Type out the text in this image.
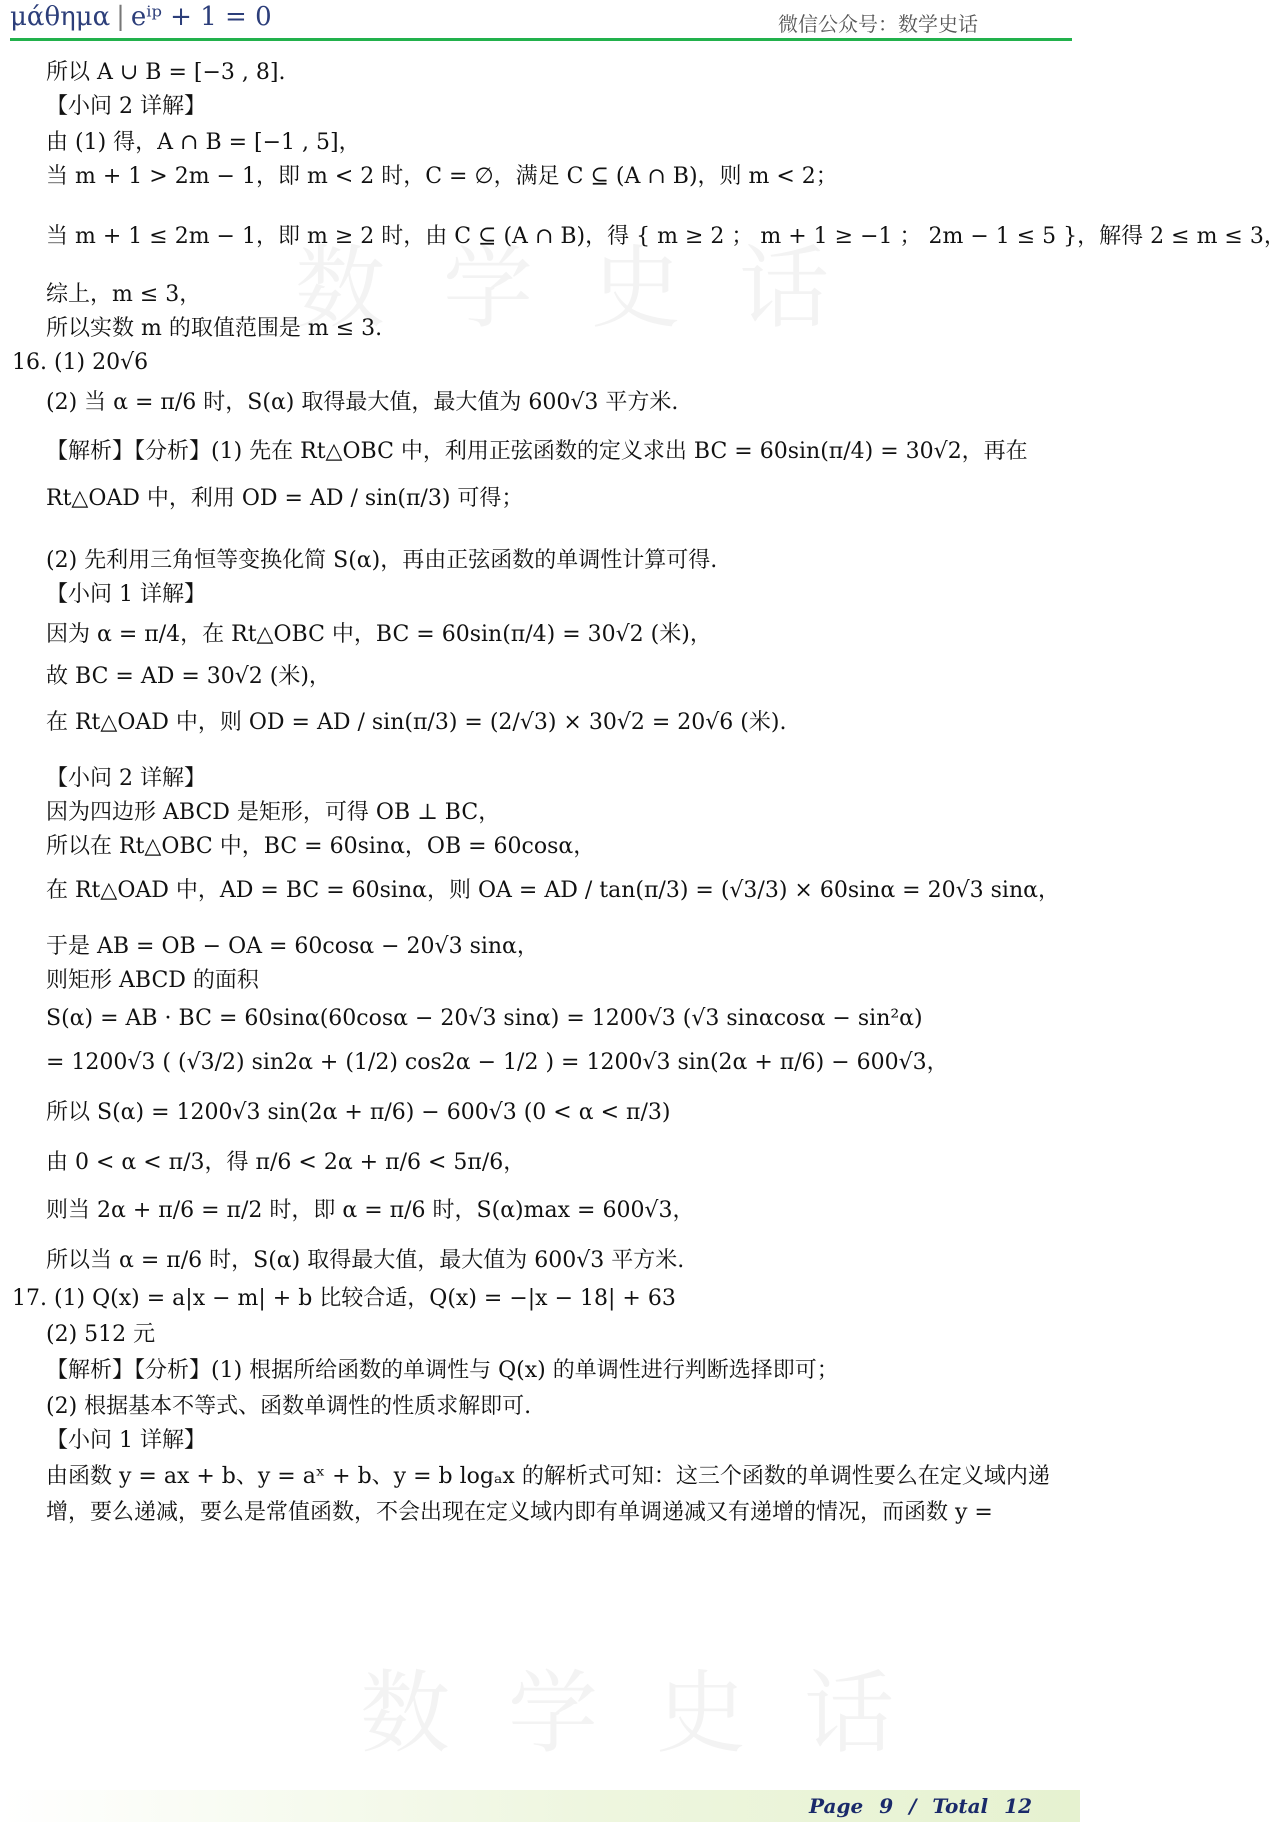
μάθημα | eⁱᵖ + 1 = 0	微信公众号：数学史话
数学史话
数学史话
所以 A ∪ B = [−3 , 8].
【小问 2 详解】
由 (1) 得，A ∩ B = [−1 , 5]，
当 m + 1 > 2m − 1，即 m < 2 时，C = ∅，满足 C ⊆ (A ∩ B)，则 m < 2；
当 m + 1 ≤ 2m − 1，即 m ≥ 2 时，由 C ⊆ (A ∩ B)，得 { m ≥ 2 ； m + 1 ≥ −1 ； 2m − 1 ≤ 5 }，解得 2 ≤ m ≤ 3，
综上，m ≤ 3，
所以实数 m 的取值范围是 m ≤ 3.
16. (1) 20√6
(2) 当 α = π/6 时，S(α) 取得最大值，最大值为 600√3 平方米.
【解析】【分析】(1) 先在 Rt△OBC 中，利用正弦函数的定义求出 BC = 60sin(π/4) = 30√2，再在
Rt△OAD 中，利用 OD = AD / sin(π/3) 可得；
(2) 先利用三角恒等变换化简 S(α)，再由正弦函数的单调性计算可得.
【小问 1 详解】
因为 α = π/4，在 Rt△OBC 中，BC = 60sin(π/4) = 30√2 (米)，
故 BC = AD = 30√2 (米)，
在 Rt△OAD 中，则 OD = AD / sin(π/3) = (2/√3) × 30√2 = 20√6 (米).
【小问 2 详解】
因为四边形 ABCD 是矩形，可得 OB ⊥ BC，
所以在 Rt△OBC 中，BC = 60sinα，OB = 60cosα，
在 Rt△OAD 中，AD = BC = 60sinα，则 OA = AD / tan(π/3) = (√3/3) × 60sinα = 20√3 sinα，
于是 AB = OB − OA = 60cosα − 20√3 sinα，
则矩形 ABCD 的面积
S(α) = AB · BC = 60sinα(60cosα − 20√3 sinα) = 1200√3 (√3 sinαcosα − sin²α)
= 1200√3 ( (√3/2) sin2α + (1/2) cos2α − 1/2 ) = 1200√3 sin(2α + π/6) − 600√3，
所以 S(α) = 1200√3 sin(2α + π/6) − 600√3 (0 < α < π/3)
由 0 < α < π/3，得 π/6 < 2α + π/6 < 5π/6，
则当 2α + π/6 = π/2 时，即 α = π/6 时，S(α)max = 600√3，
所以当 α = π/6 时，S(α) 取得最大值，最大值为 600√3 平方米.
17. (1) Q(x) = a|x − m| + b 比较合适，Q(x) = −|x − 18| + 63
(2) 512 元
【解析】【分析】(1) 根据所给函数的单调性与 Q(x) 的单调性进行判断选择即可；
(2) 根据基本不等式、函数单调性的性质求解即可.
【小问 1 详解】
由函数 y = ax + b、y = aˣ + b、y = b logₐx 的解析式可知：这三个函数的单调性要么在定义域内递
增，要么递减，要么是常值函数，不会出现在定义域内即有单调递减又有递增的情况，而函数 y =
Page 9 / Total 12
